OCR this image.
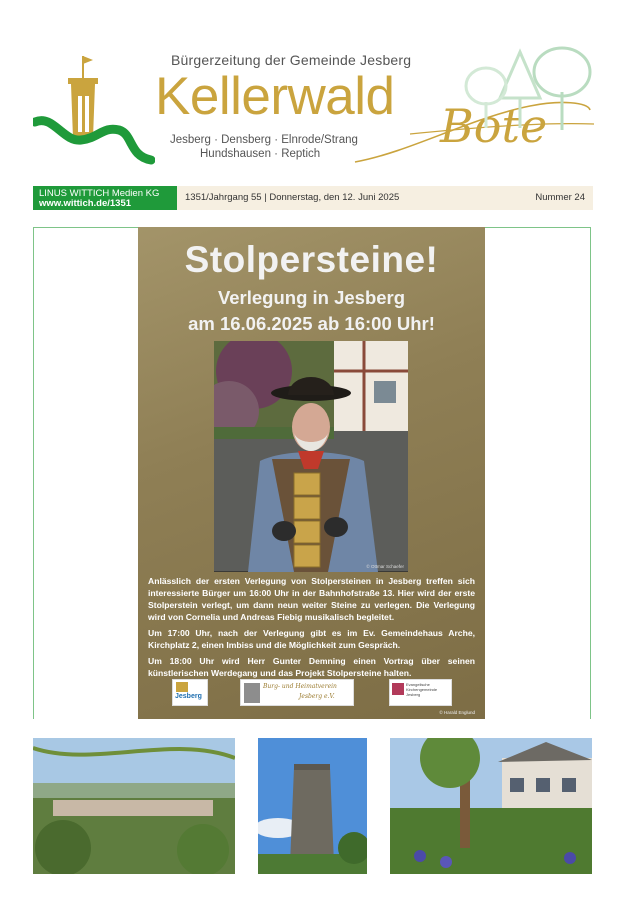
Bürgerzeitung der Gemeinde Jesberg
Kellerwald Bote
Jesberg · Densberg · Elnrode/Strang
Hundshausen · Reptich
LINUS WITTICH Medien KG
www.wittich.de/1351
1351/Jahrgang 55 | Donnerstag, den 12. Juni 2025	Nummer 24
Stolpersteine!
Verlegung in Jesberg
am 16.06.2025 ab 16:00 Uhr!
© Ottmar Schaefer

Anlässlich der ersten Verlegung von Stolpersteinen in Jesberg treffen sich interessierte Bürger um 16:00 Uhr in der Bahnhofstraße 13. Hier wird der erste Stolperstein verlegt, um dann neun weiter Steine zu verlegen. Die Verlegung wird von Cornelia und Andreas Fiebig musikalisch begleitet.

Um 17:00 Uhr, nach der Verlegung gibt es im Ev. Gemeindehaus Arche, Kirchplatz 2, einen Imbiss und die Möglichkeit zum Gespräch.

Um 18:00 Uhr wird Herr Gunter Demning einen Vortrag über seinen künstlerischen Werdegang und das Projekt Stolpersteine halten.

Jesberg
Burg- und Heimatverein
Jesberg e.V.
Evangelische Kirchengemeinde Jesberg
© Harald Englund
